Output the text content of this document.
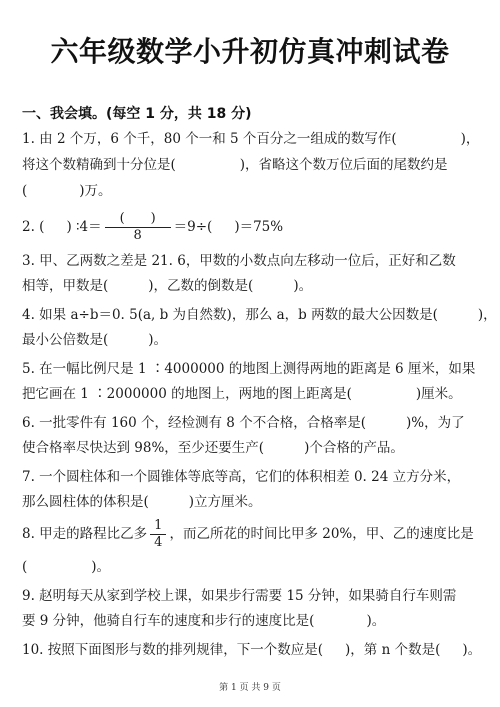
六年级数学小升初仿真冲刺试卷
一、我会填。(每空 1 分，共 18 分)
1. 由 2 个万，6 个千，80 个一和 5 个百分之一组成的数写作(	)，
将这个数精确到十分位是(	)，省略这个数万位后面的尾数约是
(	)万。
2. ( ) ∶4＝ $\frac{( )}{8} =9\div$( )＝75%
3. 甲、乙两数之差是 21. 6，甲数的小数点向左移动一位后，正好和乙数
相等，甲数是(	)，乙数的倒数是(	)。
4. 如果 a÷b＝0. 5(a, b 为自然数)，那么 a，b 两数的最大公因数是(	)，
最小公倍数是(	)。
5. 在一幅比例尺是 1 ∶4000000 的地图上测得两地的距离是 6 厘米，如果
把它画在 1 ∶2000000 的地图上，两地的图上距离是(	)厘米。
6. 一批零件有 160 个，经检测有 8 个不合格，合格率是(	)%，为了
使合格率尽快达到 98%，至少还要生产(	)个合格的产品。
7. 一个圆柱体和一个圆锥体等底等高，它们的体积相差 0. 24 立方分米，
那么圆柱体的体积是(	)立方厘米。
8. 甲走的路程比乙多 $\frac{1}{4}$ ，而乙所花的时间比甲多 20%，甲、乙的速度比是
(	)。
9. 赵明每天从家到学校上课，如果步行需要 15 分钟，如果骑自行车则需
要 9 分钟，他骑自行车的速度和步行的速度比是(	)。
10. 按照下面图形与数的排列规律，下一个数应是( )，第 n 个数是( )。
第 1 页 共 9 页
